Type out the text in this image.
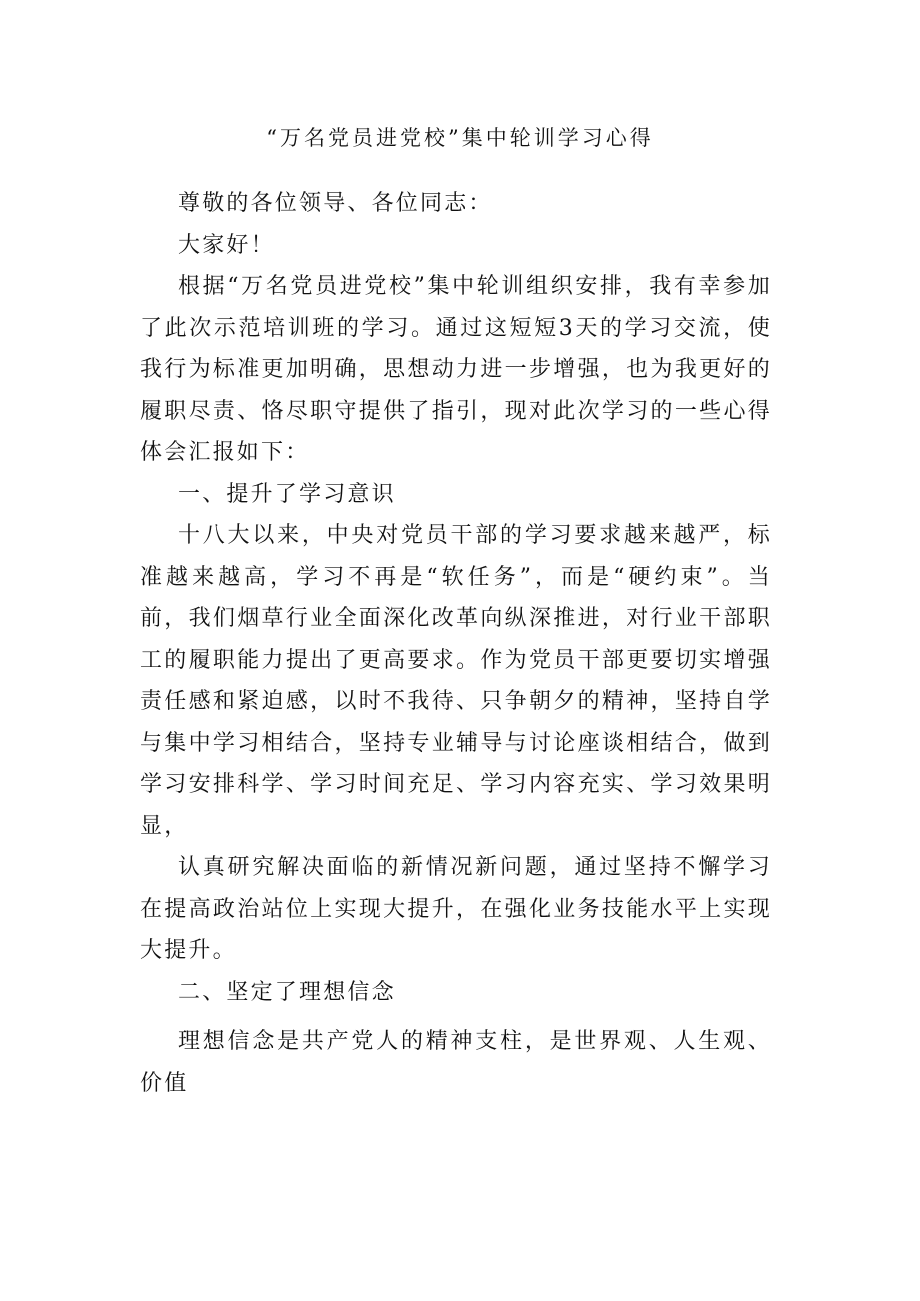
“万名党员进党校”集中轮训学习心得

尊敬的各位领导、各位同志：

大家好！

根据“万名党员进党校”集中轮训组织安排，我有幸参加了此次示范培训班的学习。通过这短短3天的学习交流，使我行为标准更加明确，思想动力进一步增强，也为我更好的履职尽责、恪尽职守提供了指引，现对此次学习的一些心得体会汇报如下：

一、提升了学习意识

十八大以来，中央对党员干部的学习要求越来越严，标准越来越高，学习不再是“软任务”，而是“硬约束”。当前，我们烟草行业全面深化改革向纵深推进，对行业干部职工的履职能力提出了更高要求。作为党员干部更要切实增强责任感和紧迫感，以时不我待、只争朝夕的精神，坚持自学与集中学习相结合，坚持专业辅导与讨论座谈相结合，做到学习安排科学、学习时间充足、学习内容充实、学习效果明显，

认真研究解决面临的新情况新问题，通过坚持不懈学习在提高政治站位上实现大提升，在强化业务技能水平上实现大提升。

二、坚定了理想信念

理想信念是共产党人的精神支柱，是世界观、人生观、价值
